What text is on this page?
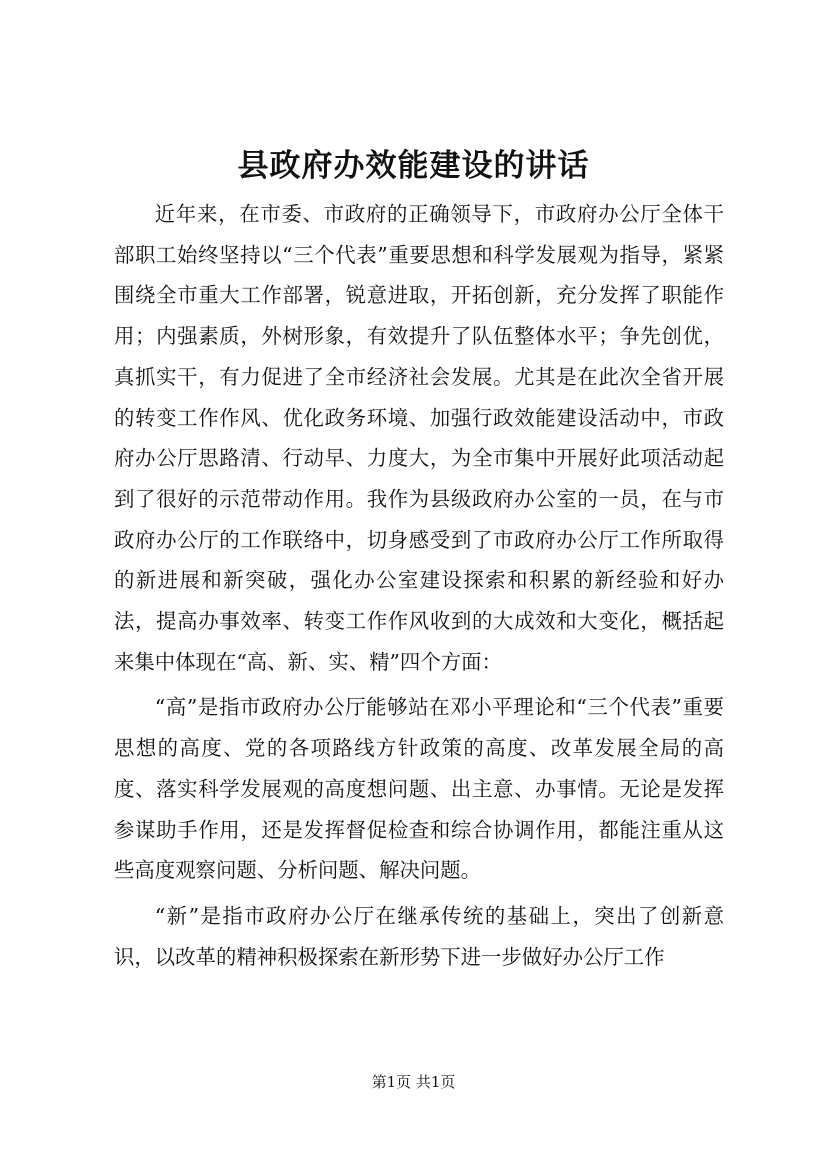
县政府办效能建设的讲话

近年来，在市委、市政府的正确领导下，市政府办公厅全体干部职工始终坚持以“三个代表”重要思想和科学发展观为指导，紧紧围绕全市重大工作部署，锐意进取，开拓创新，充分发挥了职能作用；内强素质，外树形象，有效提升了队伍整体水平；争先创优，真抓实干，有力促进了全市经济社会发展。尤其是在此次全省开展的转变工作作风、优化政务环境、加强行政效能建设活动中，市政府办公厅思路清、行动早、力度大，为全市集中开展好此项活动起到了很好的示范带动作用。我作为县级政府办公室的一员，在与市政府办公厅的工作联络中，切身感受到了市政府办公厅工作所取得的新进展和新突破，强化办公室建设探索和积累的新经验和好办法，提高办事效率、转变工作作风收到的大成效和大变化，概括起来集中体现在“高、新、实、精”四个方面：

“高”是指市政府办公厅能够站在邓小平理论和“三个代表”重要思想的高度、党的各项路线方针政策的高度、改革发展全局的高度、落实科学发展观的高度想问题、出主意、办事情。无论是发挥参谋助手作用，还是发挥督促检查和综合协调作用，都能注重从这些高度观察问题、分析问题、解决问题。

“新”是指市政府办公厅在继承传统的基础上，突出了创新意识，以改革的精神积极探索在新形势下进一步做好办公厅工作

第1页 共1页
